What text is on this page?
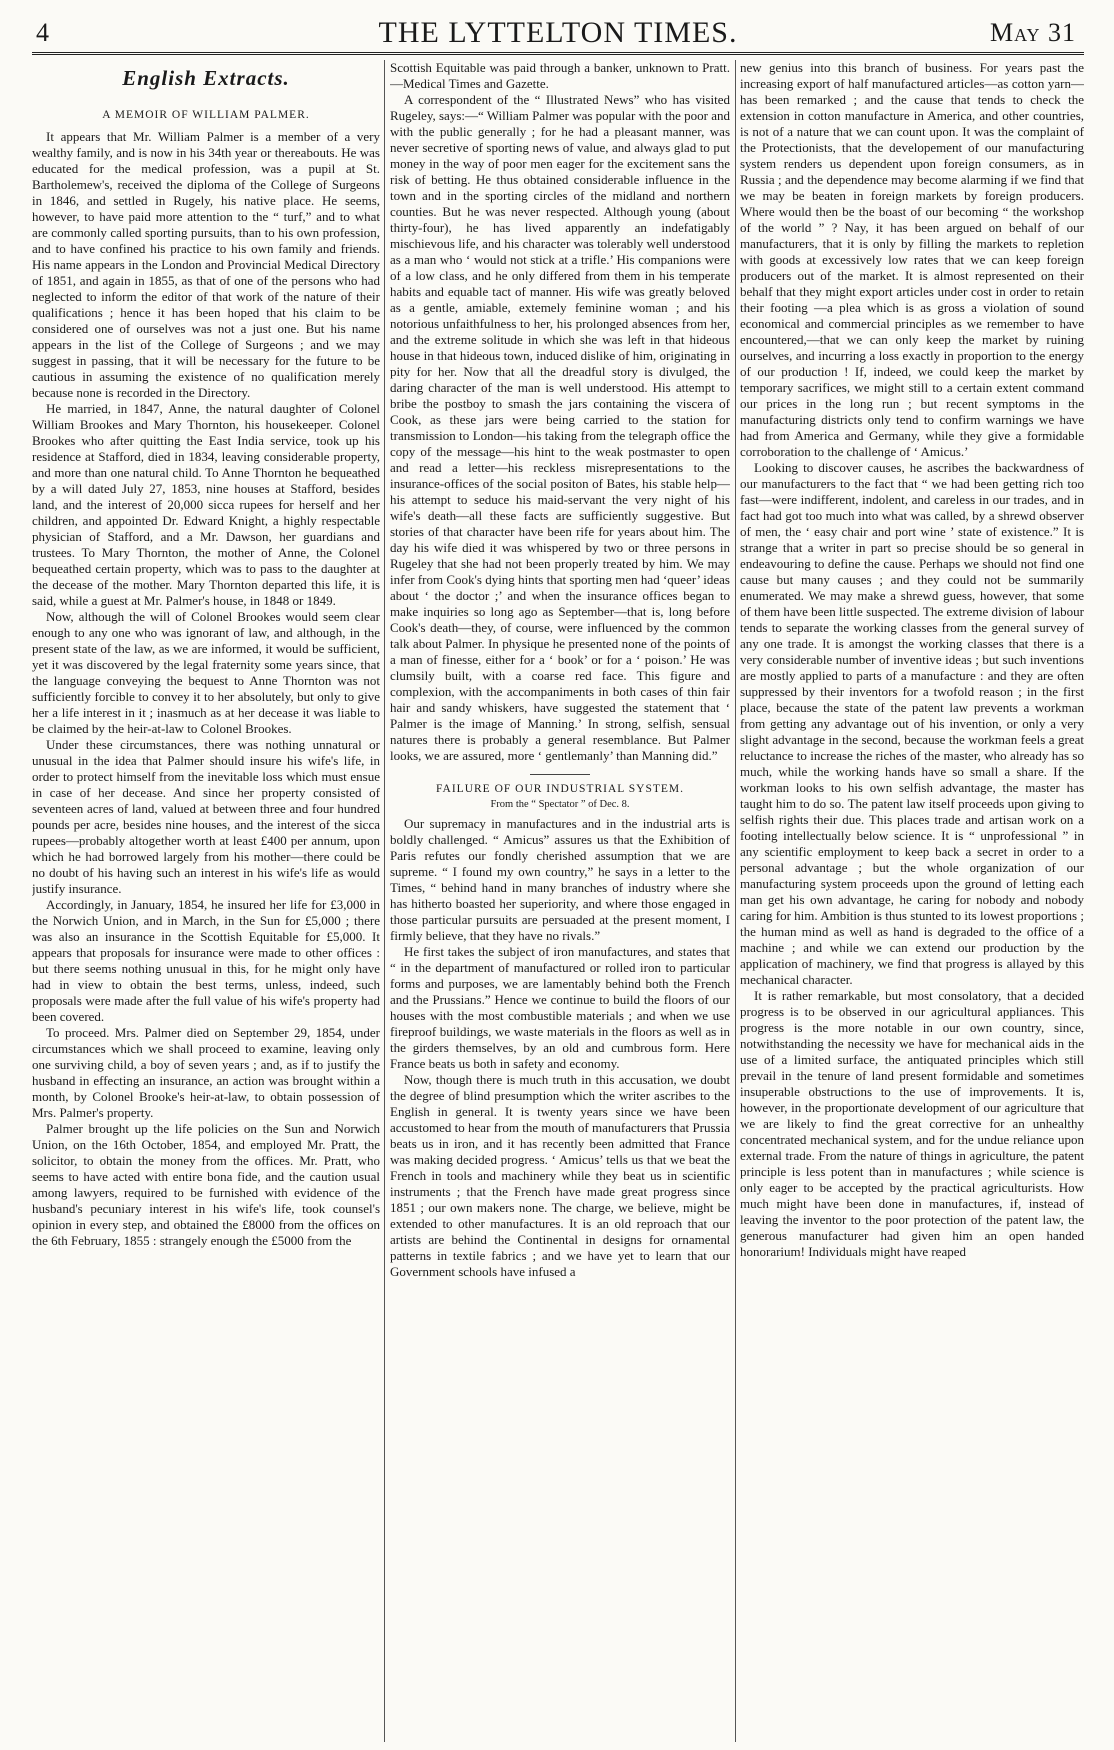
4	THE LYTTELTON TIMES.	May 31
English Extracts.
A MEMOIR OF WILLIAM PALMER.

It appears that Mr. William Palmer is a member of a very wealthy family, and is now in his 34th year or thereabouts. He was educated for the medical profession, was a pupil at St. Bartholemew's, received the diploma of the College of Surgeons in 1846, and settled in Rugely, his native place. He seems, however, to have paid more attention to the “ turf,” and to what are commonly called sporting pursuits, than to his own profession, and to have confined his practice to his own family and friends. His name appears in the London and Provincial Medical Directory of 1851, and again in 1855, as that of one of the persons who had neglected to inform the editor of that work of the nature of their qualifications ; hence it has been hoped that his claim to be considered one of ourselves was not a just one. But his name appears in the list of the College of Surgeons ; and we may suggest in passing, that it will be necessary for the future to be cautious in assuming the existence of no qualification merely because none is recorded in the Directory.

He married, in 1847, Anne, the natural daughter of Colonel William Brookes and Mary Thornton, his housekeeper. Colonel Brookes who after quitting the East India service, took up his residence at Stafford, died in 1834, leaving considerable property, and more than one natural child. To Anne Thornton he bequeathed by a will dated July 27, 1853, nine houses at Stafford, besides land, and the interest of 20,000 sicca rupees for herself and her children, and appointed Dr. Edward Knight, a highly respectable physician of Stafford, and a Mr. Dawson, her guardians and trustees. To Mary Thornton, the mother of Anne, the Colonel bequeathed certain property, which was to pass to the daughter at the decease of the mother. Mary Thornton departed this life, it is said, while a guest at Mr. Palmer's house, in 1848 or 1849.

Now, although the will of Colonel Brookes would seem clear enough to any one who was ignorant of law, and although, in the present state of the law, as we are informed, it would be sufficient, yet it was discovered by the legal fraternity some years since, that the language conveying the bequest to Anne Thornton was not sufficiently forcible to convey it to her absolutely, but only to give her a life interest in it ; inasmuch as at her decease it was liable to be claimed by the heir-at-law to Colonel Brookes.

Under these circumstances, there was nothing unnatural or unusual in the idea that Palmer should insure his wife's life, in order to protect himself from the inevitable loss which must ensue in case of her decease. And since her property consisted of seventeen acres of land, valued at between three and four hundred pounds per acre, besides nine houses, and the interest of the sicca rupees—probably altogether worth at least £400 per annum, upon which he had borrowed largely from his mother—there could be no doubt of his having such an interest in his wife's life as would justify insurance.

Accordingly, in January, 1854, he insured her life for £3,000 in the Norwich Union, and in March, in the Sun for £5,000 ; there was also an insurance in the Scottish Equitable for £5,000. It appears that proposals for insurance were made to other offices : but there seems nothing unusual in this, for he might only have had in view to obtain the best terms, unless, indeed, such proposals were made after the full value of his wife's property had been covered.

To proceed. Mrs. Palmer died on September 29, 1854, under circumstances which we shall proceed to examine, leaving only one surviving child, a boy of seven years ; and, as if to justify the husband in effecting an insurance, an action was brought within a month, by Colonel Brooke's heir-at-law, to obtain possession of Mrs. Palmer's property.

Palmer brought up the life policies on the Sun and Norwich Union, on the 16th October, 1854, and employed Mr. Pratt, the solicitor, to obtain the money from the offices. Mr. Pratt, who seems to have acted with entire bona fide, and the caution usual among lawyers, required to be furnished with evidence of the husband's pecuniary interest in his wife's life, took counsel's opinion in every step, and obtained the £8000 from the offices on the 6th February, 1855 : strangely enough the £5000 from the

Scottish Equitable was paid through a banker, unknown to Pratt.—Medical Times and Gazette.

A correspondent of the “ Illustrated News” who has visited Rugeley, says:—“ William Palmer was popular with the poor and with the public generally ; for he had a pleasant manner, was never secretive of sporting news of value, and always glad to put money in the way of poor men eager for the excitement sans the risk of betting. He thus obtained considerable influence in the town and in the sporting circles of the midland and northern counties. But he was never respected. Although young (about thirty-four), he has lived apparently an indefatigably mischievous life, and his character was tolerably well understood as a man who ‘ would not stick at a trifle.’ His companions were of a low class, and he only differed from them in his temperate habits and equable tact of manner. His wife was greatly beloved as a gentle, amiable, extemely feminine woman ; and his notorious unfaithfulness to her, his prolonged absences from her, and the extreme solitude in which she was left in that hideous house in that hideous town, induced dislike of him, originating in pity for her. Now that all the dreadful story is divulged, the daring character of the man is well understood. His attempt to bribe the postboy to smash the jars containing the viscera of Cook, as these jars were being carried to the station for transmission to London—his taking from the telegraph office the copy of the message—his hint to the weak postmaster to open and read a letter—his reckless misrepresentations to the insurance-offices of the social positon of Bates, his stable help—his attempt to seduce his maid-servant the very night of his wife's death—all these facts are sufficiently suggestive. But stories of that character have been rife for years about him. The day his wife died it was whispered by two or three persons in Rugeley that she had not been properly treated by him. We may infer from Cook's dying hints that sporting men had ‘queer’ ideas about ‘ the doctor ;’ and when the insurance offices began to make inquiries so long ago as September—that is, long before Cook's death—they, of course, were influenced by the common talk about Palmer. In physique he presented none of the points of a man of finesse, either for a ‘ book’ or for a ‘ poison.’ He was clumsily built, with a coarse red face. This figure and complexion, with the accompaniments in both cases of thin fair hair and sandy whiskers, have suggested the statement that ‘ Palmer is the image of Manning.’ In strong, selfish, sensual natures there is probably a general resemblance. But Palmer looks, we are assured, more ‘ gentlemanly’ than Manning did.”

FAILURE OF OUR INDUSTRIAL SYSTEM.
From the “ Spectator ” of Dec. 8.

Our supremacy in manufactures and in the industrial arts is boldly challenged. “ Amicus” assures us that the Exhibition of Paris refutes our fondly cherished assumption that we are supreme. “ I found my own country,” he says in a letter to the Times, “ behind hand in many branches of industry where she has hitherto boasted her superiority, and where those engaged in those particular pursuits are persuaded at the present moment, I firmly believe, that they have no rivals.”

He first takes the subject of iron manufactures, and states that “ in the department of manufactured or rolled iron to particular forms and purposes, we are lamentably behind both the French and the Prussians.” Hence we continue to build the floors of our houses with the most combustible materials ; and when we use fireproof buildings, we waste materials in the floors as well as in the girders themselves, by an old and cumbrous form. Here France beats us both in safety and economy.

Now, though there is much truth in this accusation, we doubt the degree of blind presumption which the writer ascribes to the English in general. It is twenty years since we have been accustomed to hear from the mouth of manufacturers that Prussia beats us in iron, and it has recently been admitted that France was making decided progress. ‘ Amicus’ tells us that we beat the French in tools and machinery while they beat us in scientific instruments ; that the French have made great progress since 1851 ; our own makers none. The charge, we believe, might be extended to other manufactures. It is an old reproach that our artists are behind the Continental in designs for ornamental patterns in textile fabrics ; and we have yet to learn that our Government schools have infused a

new genius into this branch of business. For years past the increasing export of half manufactured articles—as cotton yarn—has been remarked ; and the cause that tends to check the extension in cotton manufacture in America, and other countries, is not of a nature that we can count upon. It was the complaint of the Protectionists, that the developement of our manufacturing system renders us dependent upon foreign consumers, as in Russia ; and the dependence may become alarming if we find that we may be beaten in foreign markets by foreign producers. Where would then be the boast of our becoming “ the workshop of the world ” ? Nay, it has been argued on behalf of our manufacturers, that it is only by filling the markets to repletion with goods at excessively low rates that we can keep foreign producers out of the market. It is almost represented on their behalf that they might export articles under cost in order to retain their footing —a plea which is as gross a violation of sound economical and commercial principles as we remember to have encountered,—that we can only keep the market by ruining ourselves, and incurring a loss exactly in proportion to the energy of our production ! If, indeed, we could keep the market by temporary sacrifices, we might still to a certain extent command our prices in the long run ; but recent symptoms in the manufacturing districts only tend to confirm warnings we have had from America and Germany, while they give a formidable corroboration to the challenge of ‘ Amicus.’

Looking to discover causes, he ascribes the backwardness of our manufacturers to the fact that “ we had been getting rich too fast—were indifferent, indolent, and careless in our trades, and in fact had got too much into what was called, by a shrewd observer of men, the ‘ easy chair and port wine ’ state of existence.” It is strange that a writer in part so precise should be so general in endeavouring to define the cause. Perhaps we should not find one cause but many causes ; and they could not be summarily enumerated. We may make a shrewd guess, however, that some of them have been little suspected. The extreme division of labour tends to separate the working classes from the general survey of any one trade. It is amongst the working classes that there is a very considerable number of inventive ideas ; but such inventions are mostly applied to parts of a manufacture : and they are often suppressed by their inventors for a twofold reason ; in the first place, because the state of the patent law prevents a workman from getting any advantage out of his invention, or only a very slight advantage in the second, because the workman feels a great reluctance to increase the riches of the master, who already has so much, while the working hands have so small a share. If the workman looks to his own selfish advantage, the master has taught him to do so. The patent law itself proceeds upon giving to selfish rights their due. This places trade and artisan work on a footing intellectually below science. It is “ unprofessional ” in any scientific employment to keep back a secret in order to a personal advantage ; but the whole organization of our manufacturing system proceeds upon the ground of letting each man get his own advantage, he caring for nobody and nobody caring for him. Ambition is thus stunted to its lowest proportions ; the human mind as well as hand is degraded to the office of a machine ; and while we can extend our production by the application of machinery, we find that progress is allayed by this mechanical character.

It is rather remarkable, but most consolatory, that a decided progress is to be observed in our agricultural appliances. This progress is the more notable in our own country, since, notwithstanding the necessity we have for mechanical aids in the use of a limited surface, the antiquated principles which still prevail in the tenure of land present formidable and sometimes insuperable obstructions to the use of improvements. It is, however, in the proportionate development of our agriculture that we are likely to find the great corrective for an unhealthy concentrated mechanical system, and for the undue reliance upon external trade. From the nature of things in agriculture, the patent principle is less potent than in manufactures ; while science is only eager to be accepted by the practical agriculturists. How much might have been done in manufactures, if, instead of leaving the inventor to the poor protection of the patent law, the generous manufacturer had given him an open handed honorarium! Individuals might have reaped
